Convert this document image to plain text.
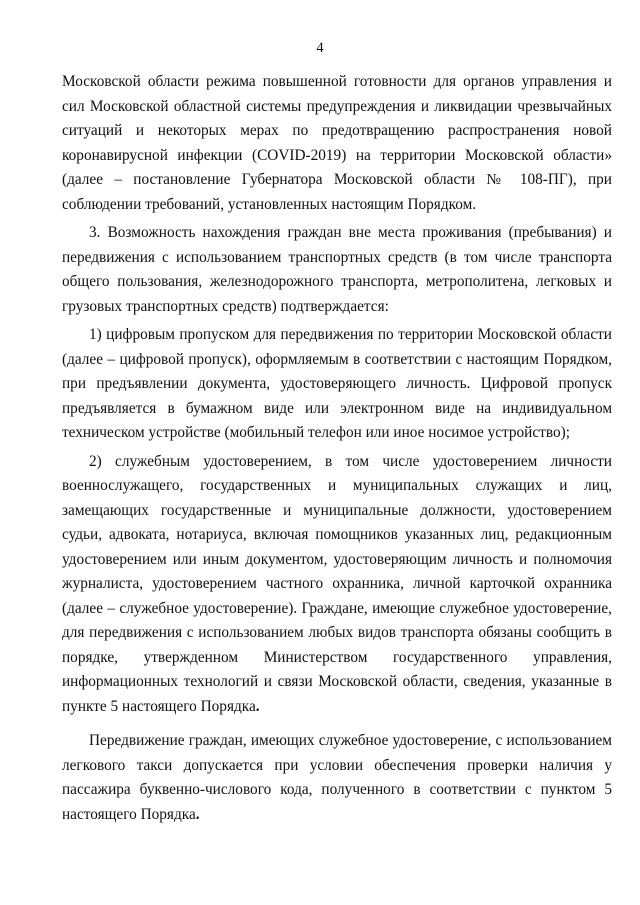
4

Московской области режима повышенной готовности для органов управления и сил Московской областной системы предупреждения и ликвидации чрезвычайных ситуаций и некоторых мерах по предотвращению распространения новой коронавирусной инфекции (COVID-2019) на территории Московской области» (далее – постановление Губернатора Московской области № 108-ПГ), при соблюдении требований, установленных настоящим Порядком.

3. Возможность нахождения граждан вне места проживания (пребывания) и передвижения с использованием транспортных средств (в том числе транспорта общего пользования, железнодорожного транспорта, метрополитена, легковых и грузовых транспортных средств) подтверждается:

1) цифровым пропуском для передвижения по территории Московской области (далее – цифровой пропуск), оформляемым в соответствии с настоящим Порядком, при предъявлении документа, удостоверяющего личность. Цифровой пропуск предъявляется в бумажном виде или электронном виде на индивидуальном техническом устройстве (мобильный телефон или иное носимое устройство);

2) служебным удостоверением, в том числе удостоверением личности военнослужащего, государственных и муниципальных служащих и лиц, замещающих государственные и муниципальные должности, удостоверением судьи, адвоката, нотариуса, включая помощников указанных лиц, редакционным удостоверением или иным документом, удостоверяющим личность и полномочия журналиста, удостоверением частного охранника, личной карточкой охранника (далее – служебное удостоверение). Граждане, имеющие служебное удостоверение, для передвижения с использованием любых видов транспорта обязаны сообщить в порядке, утвержденном Министерством государственного управления, информационных технологий и связи Московской области, сведения, указанные в пункте 5 настоящего Порядка.

Передвижение граждан, имеющих служебное удостоверение, с использованием легкового такси допускается при условии обеспечения проверки наличия у пассажира буквенно-числового кода, полученного в соответствии с пунктом 5 настоящего Порядка.
